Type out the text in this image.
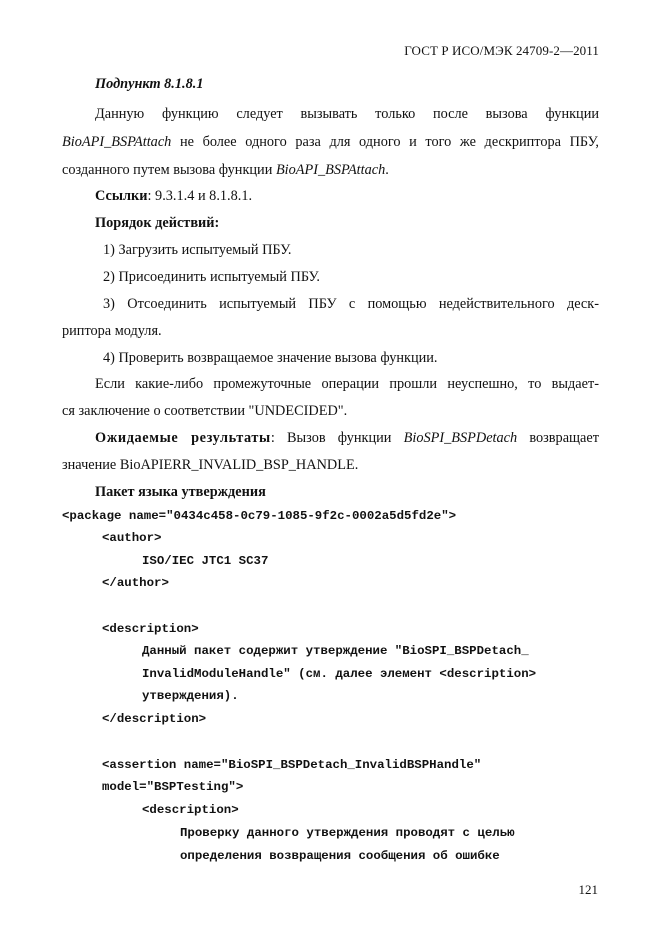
ГОСТ Р ИСО/МЭК 24709-2—2011
Подпункт 8.1.8.1
Данную функцию следует вызывать только после вызова функции
BioAPI_BSPAttach не более одного раза для одного и того же дескриптора ПБУ,
созданного путем вызова функции BioAPI_BSPAttach.
Ссылки: 9.3.1.4 и 8.1.8.1.
Порядок действий:
1) Загрузить испытуемый ПБУ.
2) Присоединить испытуемый ПБУ.
3) Отсоединить испытуемый ПБУ с помощью недействительного деск-
риптора модуля.
4) Проверить возвращаемое значение вызова функции.
Если какие-либо промежуточные операции прошли неуспешно, то выдает-
ся заключение о соответствии "UNDECIDED".
Ожидаемые результаты: Вызов функции BioSPI_BSPDetach возвращает
значение BioAPIERR_INVALID_BSP_HANDLE.
Пакет языка утверждения
<package name="0434c458-0c79-1085-9f2c-0002a5d5fd2e">
<author>
ISO/IEC JTC1 SC37
</author>
<description>
Данный пакет содержит утверждение "BioSPI_BSPDetach_
InvalidModuleHandle" (см. далее элемент <description>
утверждения).
</description>
<assertion name="BioSPI_BSPDetach_InvalidBSPHandle"
model="BSPTesting">
<description>
Проверку данного утверждения проводят с целью
определения возвращения сообщения об ошибке
121
